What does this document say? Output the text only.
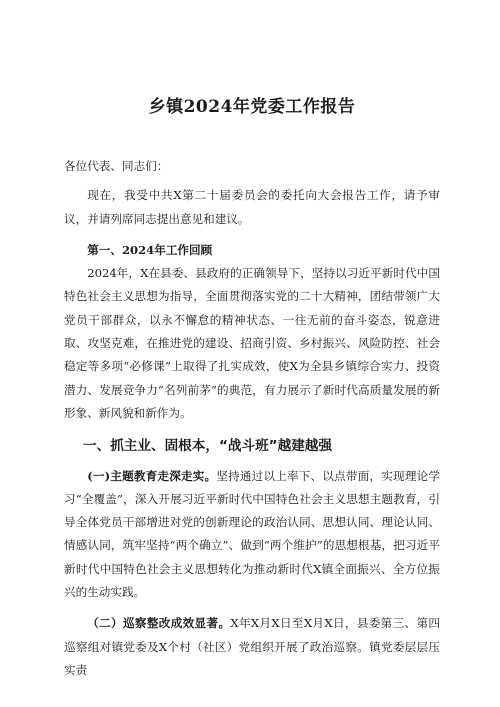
乡镇2024年党委工作报告

各位代表、同志们：

现在，我受中共X第二十届委员会的委托向大会报告工作，请予审议，并请列席同志提出意见和建议。

第一、2024年工作回顾

2024年，X在县委、县政府的正确领导下，坚持以习近平新时代中国特色社会主义思想为指导，全面贯彻落实党的二十大精神，团结带领广大党员干部群众，以永不懈怠的精神状态、一往无前的奋斗姿态，锐意进取、攻坚克难，在推进党的建设、招商引资、乡村振兴、风险防控、社会稳定等多项“必修课”上取得了扎实成效，使X为全县乡镇综合实力、投资潜力、发展竞争力“名列前茅”的典范，有力展示了新时代高质量发展的新形象、新风貌和新作为。

一、抓主业、固根本，“战斗班”越建越强

(一)主题教育走深走实。坚持通过以上率下、以点带面，实现理论学习“全覆盖”，深入开展习近平新时代中国特色社会主义思想主题教育，引导全体党员干部增进对党的创新理论的政治认同、思想认同、理论认同、情感认同，筑牢坚持“两个确立”、做到“两个维护”的思想根基，把习近平新时代中国特色社会主义思想转化为推动新时代X镇全面振兴、全方位振兴的生动实践。

（二）巡察整改成效显著。X年X月X日至X月X日，县委第三、第四巡察组对镇党委及X个村（社区）党组织开展了政治巡察。镇党委层层压实责
